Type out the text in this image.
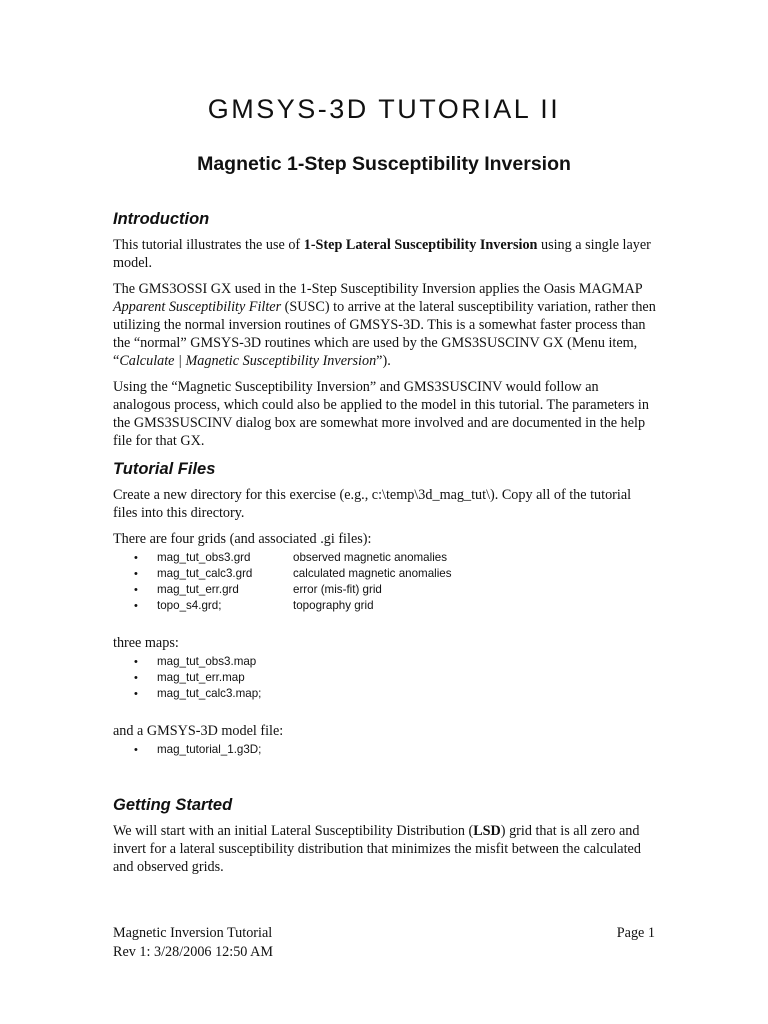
GMSYS-3D TUTORIAL II
Magnetic 1-Step Susceptibility Inversion
Introduction

This tutorial illustrates the use of 1-Step Lateral Susceptibility Inversion using a single layer model.

The GMS3OSSI GX used in the 1-Step Susceptibility Inversion applies the Oasis MAGMAP Apparent Susceptibility Filter (SUSC) to arrive at the lateral susceptibility variation, rather then utilizing the normal inversion routines of GMSYS-3D. This is a somewhat faster process than the “normal” GMSYS-3D routines which are used by the GMS3SUSCINV GX (Menu item, “Calculate | Magnetic Susceptibility Inversion”).

Using the “Magnetic Susceptibility Inversion” and GMS3SUSCINV would follow an analogous process, which could also be applied to the model in this tutorial. The parameters in the GMS3SUSCINV dialog box are somewhat more involved and are documented in the help file for that GX.

Tutorial Files

Create a new directory for this exercise (e.g., c:\temp\3d_mag_tut\). Copy all of the tutorial files into this directory.

There are four grids (and associated .gi files):

• mag_tut_obs3.grd	observed magnetic anomalies
• mag_tut_calc3.grd	calculated magnetic anomalies
• mag_tut_err.grd	error (mis-fit) grid
• topo_s4.grd;	topography grid

three maps:

• mag_tut_obs3.map
• mag_tut_err.map
• mag_tut_calc3.map;

and a GMSYS-3D model file:

• mag_tutorial_1.g3D;
Getting Started

We will start with an initial Lateral Susceptibility Distribution (LSD) grid that is all zero and invert for a lateral susceptibility distribution that minimizes the misfit between the calculated and observed grids.

Magnetic Inversion Tutorial
Rev 1: 3/28/2006 12:50 AM
Page 1
